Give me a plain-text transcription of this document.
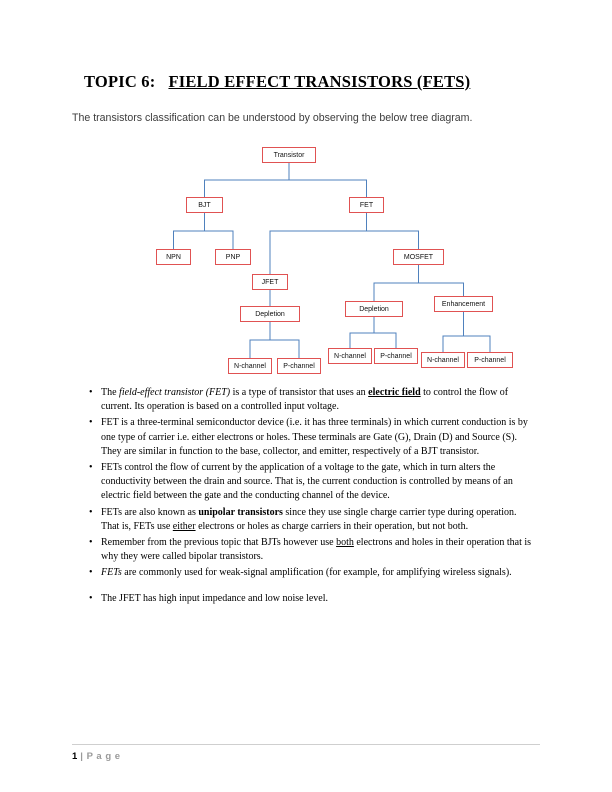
TOPIC 6: FIELD EFFECT TRANSISTORS (FETS)

The transistors classification can be understood by observing the below tree diagram.

Transistor
BJT	FET
NPN	PNP	MOSFET
JFET
Depletion
Depletion
Enhancement
N-channel	P-channel
N-channel	P-channel
N-channel	P-channel
• The field-effect transistor (FET) is a type of transistor that uses an electric field to control the flow of current. Its operation is based on a controlled input voltage.
• FET is a three-terminal semiconductor device (i.e. it has three terminals) in which current conduction is by one type of carrier i.e. either electrons or holes. These terminals are Gate (G), Drain (D) and Source (S). They are similar in function to the base, collector, and emitter, respectively of a BJT transistor.
• FETs control the flow of current by the application of a voltage to the gate, which in turn alters the conductivity between the drain and source. That is, the current conduction is controlled by means of an electric field between the gate and the conducting channel of the device.
• FETs are also known as unipolar transistors since they use single charge carrier type during operation. That is, FETs use either electrons or holes as charge carriers in their operation, but not both.
• Remember from the previous topic that BJTs however use both electrons and holes in their operation that is why they were called bipolar transistors.
• FETs are commonly used for weak-signal amplification (for example, for amplifying wireless signals).
• The JFET has high input impedance and low noise level.
1 | P a g e
